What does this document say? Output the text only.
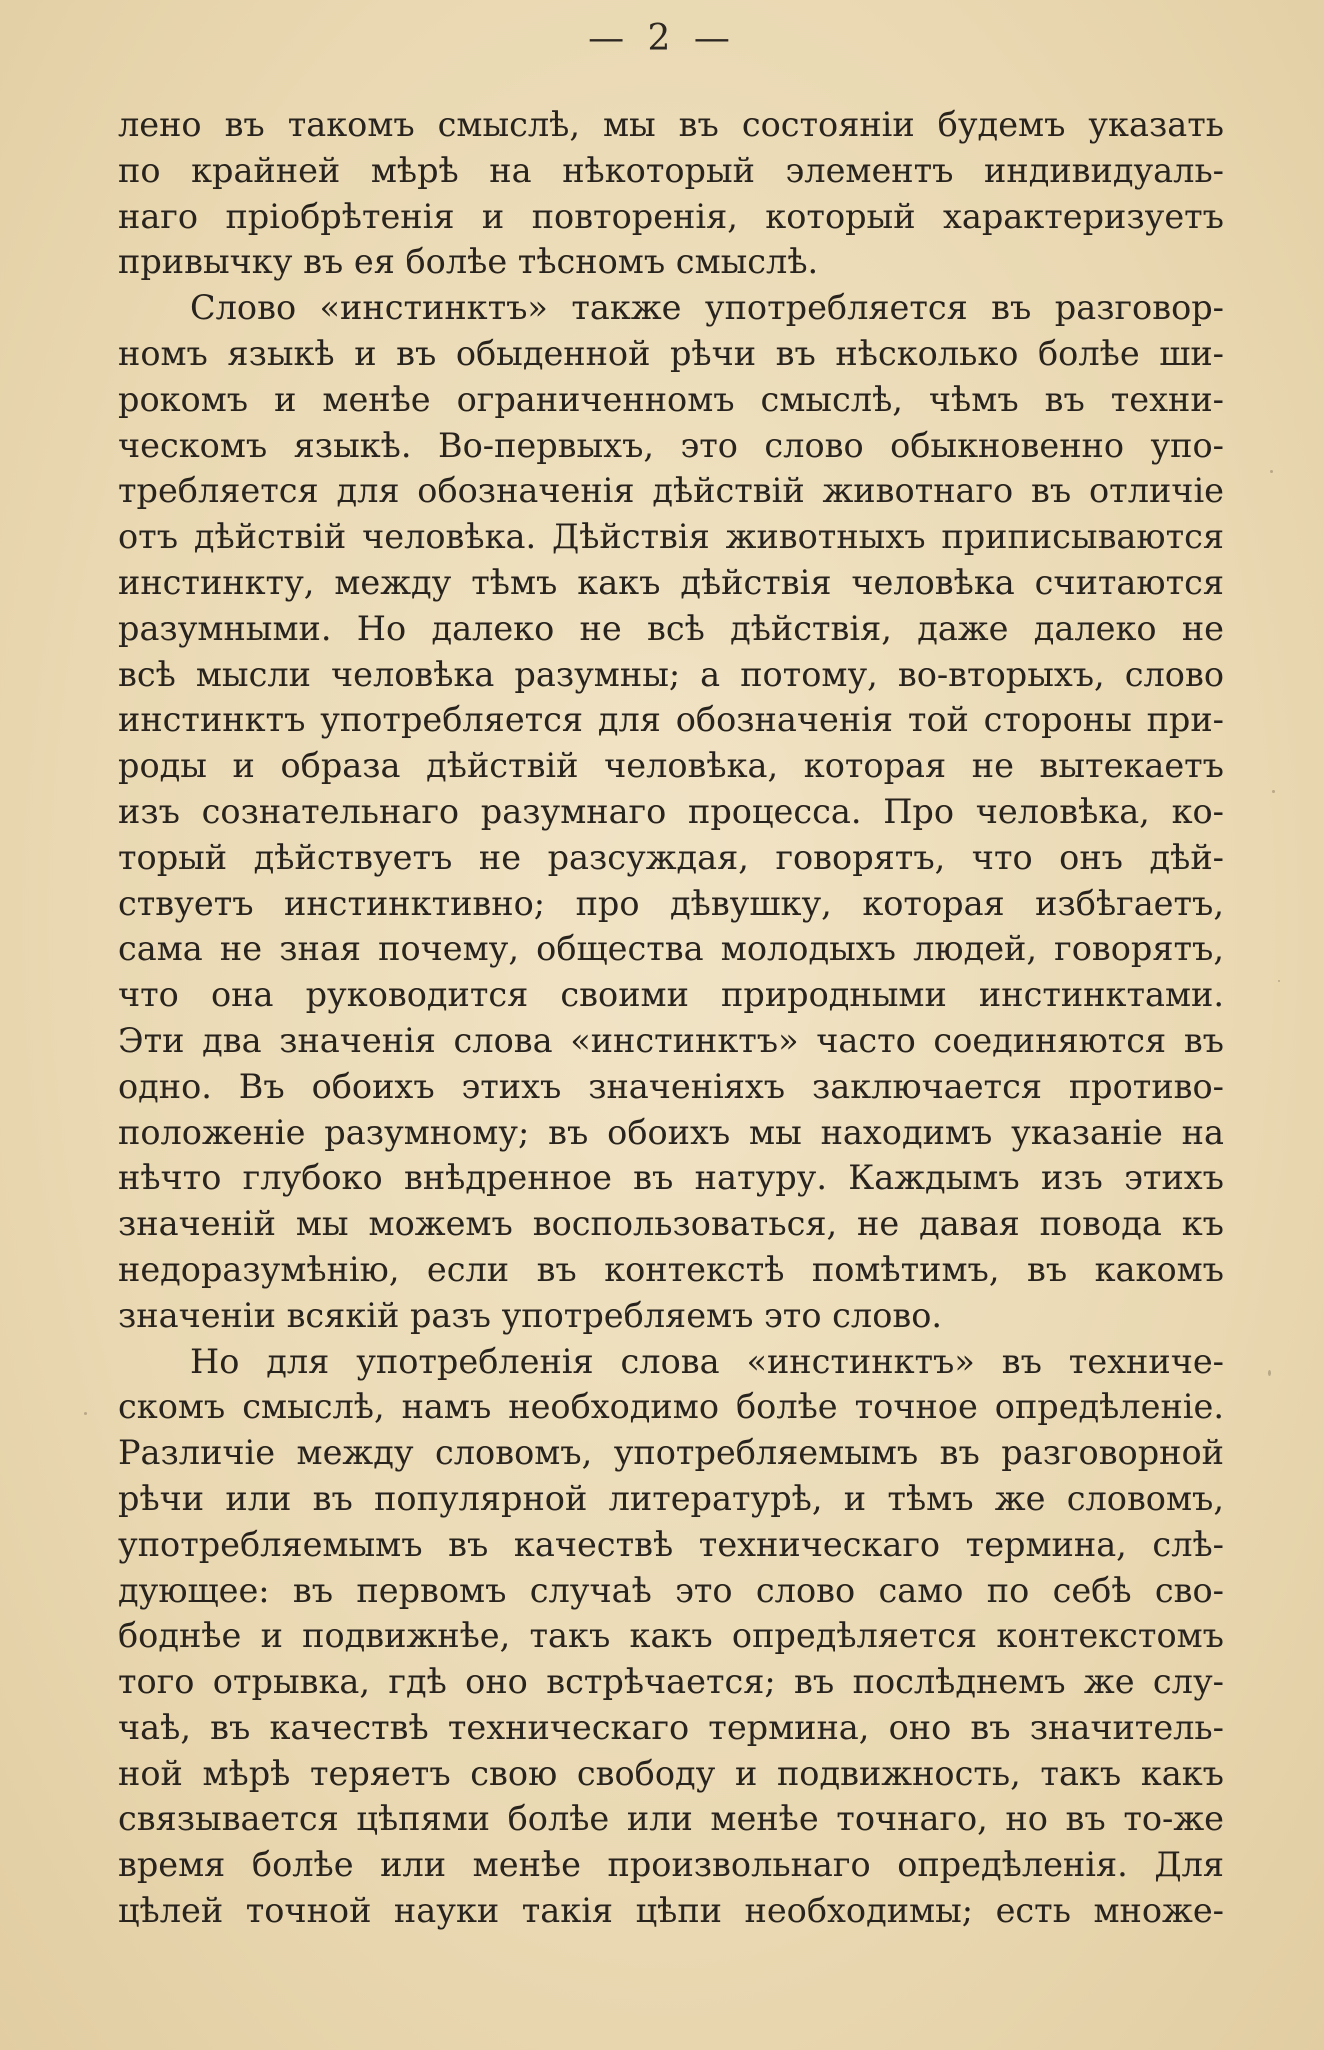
— 2 —
лено въ такомъ смыслѣ, мы въ состояніи будемъ указать
по крайней мѣрѣ на нѣкоторый элементъ индивидуаль-
наго пріобрѣтенія и повторенія, который характеризуетъ
привычку въ ея болѣе тѣсномъ смыслѣ.
Слово «инстинктъ» также употребляется въ разговор-
номъ языкѣ и въ обыденной рѣчи въ нѣсколько болѣе ши-
рокомъ и менѣе ограниченномъ смыслѣ, чѣмъ въ техни-
ческомъ языкѣ. Во-первыхъ, это слово обыкновенно упо-
требляется для обозначенія дѣйствій животнаго въ отличіе
отъ дѣйствій человѣка. Дѣйствія животныхъ приписываются
инстинкту, между тѣмъ какъ дѣйствія человѣка считаются
разумными. Но далеко не всѣ дѣйствія, даже далеко не
всѣ мысли человѣка разумны; а потому, во-вторыхъ, слово
инстинктъ употребляется для обозначенія той стороны при-
роды и образа дѣйствій человѣка, которая не вытекаетъ
изъ сознательнаго разумнаго процесса. Про человѣка, ко-
торый дѣйствуетъ не разсуждая, говорятъ, что онъ дѣй-
ствуетъ инстинктивно; про дѣвушку, которая избѣгаетъ,
сама не зная почему, общества молодыхъ людей, говорятъ,
что она руководится своими природными инстинктами.
Эти два значенія слова «инстинктъ» часто соединяются въ
одно. Въ обоихъ этихъ значеніяхъ заключается противо-
положеніе разумному; въ обоихъ мы находимъ указаніе на
нѣчто глубоко внѣдренное въ натуру. Каждымъ изъ этихъ
значеній мы можемъ воспользоваться, не давая повода къ
недоразумѣнію, если въ контекстѣ помѣтимъ, въ какомъ
значеніи всякій разъ употребляемъ это слово.
Но для употребленія слова «инстинктъ» въ техниче-
скомъ смыслѣ, намъ необходимо болѣе точное опредѣленіе.
Различіе между словомъ, употребляемымъ въ разговорной
рѣчи или въ популярной литературѣ, и тѣмъ же словомъ,
употребляемымъ въ качествѣ техническаго термина, слѣ-
дующее: въ первомъ случаѣ это слово само по себѣ сво-
боднѣе и подвижнѣе, такъ какъ опредѣляется контекстомъ
того отрывка, гдѣ оно встрѣчается; въ послѣднемъ же слу-
чаѣ, въ качествѣ техническаго термина, оно въ значитель-
ной мѣрѣ теряетъ свою свободу и подвижность, такъ какъ
связывается цѣпями болѣе или менѣе точнаго, но въ то-же
время болѣе или менѣе произвольнаго опредѣленія. Для
цѣлей точной науки такія цѣпи необходимы; есть множе-
